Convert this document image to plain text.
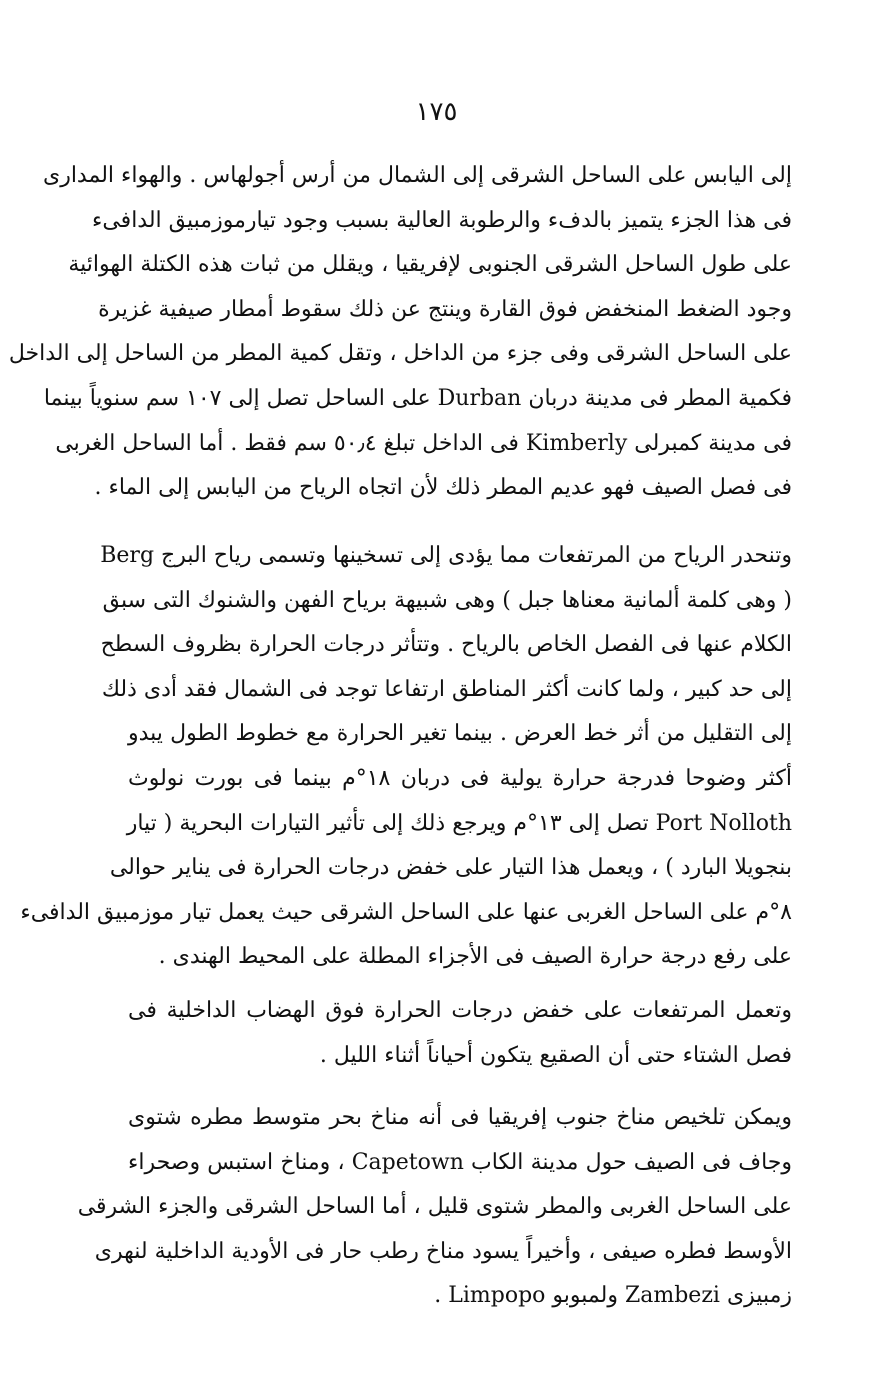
١٧٥
إلى اليابس على الساحل الشرقى إلى الشمال من أرس أجولهاس . والهواء المدارى
فى هذا الجزء يتميز بالدفء والرطوبة العالية بسبب وجود تيارموزمبيق الدافىء
على طول الساحل الشرقى الجنوبى لإفريقيا ، ويقلل من ثبات هذه الكتلة الهوائية
وجود الضغط المنخفض فوق القارة وينتج عن ذلك سقوط أمطار صيفية غزيرة
على الساحل الشرقى وفى جزء من الداخل ، وتقل كمية المطر من الساحل إلى الداخل
فكمية المطر فى مدينة دربان Durban على الساحل تصل إلى ١٠٧ سم سنوياً بينما
فى مدينة كمبرلى Kimberly فى الداخل تبلغ ٥٠٫٤ سم فقط . أما الساحل الغربى
فى فصل الصيف فهو عديم المطر ذلك لأن اتجاه الرياح من اليابس إلى الماء .
وتنحدر الرياح من المرتفعات مما يؤدى إلى تسخينها وتسمى رياح البرج Berg
( وهى كلمة ألمانية معناها جبل ) وهى شبيهة برياح الفهن والشنوك التى سبق
الكلام عنها فى الفصل الخاص بالرياح . وتتأثر درجات الحرارة بظروف السطح
إلى حد كبير ، ولما كانت أكثر المناطق ارتفاعا توجد فى الشمال فقد أدى ذلك
إلى التقليل من أثر خط العرض . بينما تغير الحرارة مع خطوط الطول يبدو
أكثر وضوحا فدرجة حرارة يولية فى دربان ١٨°م بينما فى بورت نولوث
Port Nolloth تصل إلى ١٣°م ويرجع ذلك إلى تأثير التيارات البحرية ( تيار
بنجويلا البارد ) ، ويعمل هذا التيار على خفض درجات الحرارة فى يناير حوالى
٨°م على الساحل الغربى عنها على الساحل الشرقى حيث يعمل تيار موزمبيق الدافىء
على رفع درجة حرارة الصيف فى الأجزاء المطلة على المحيط الهندى .
وتعمل المرتفعات على خفض درجات الحرارة فوق الهضاب الداخلية فى
فصل الشتاء حتى أن الصقيع يتكون أحياناً أثناء الليل .
ويمكن تلخيص مناخ جنوب إفريقيا فى أنه مناخ بحر متوسط مطره شتوى
وجاف فى الصيف حول مدينة الكاب Capetown ، ومناخ استبس وصحراء
على الساحل الغربى والمطر شتوى قليل ، أما الساحل الشرقى والجزء الشرقى
الأوسط فطره صيفى ، وأخيراً يسود مناخ رطب حار فى الأودية الداخلية لنهرى
زمبيزى Zambezi ولمبوبو Limpopo .
